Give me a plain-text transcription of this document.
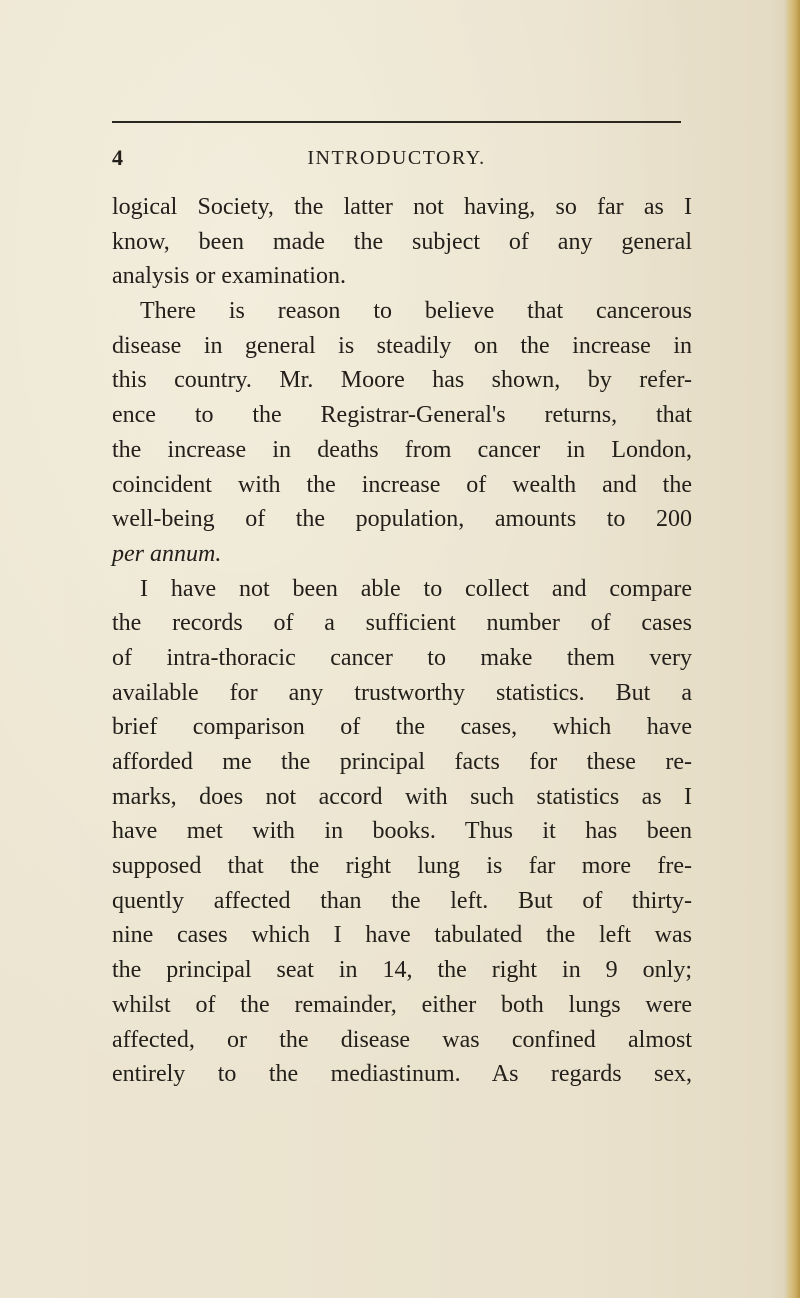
4	INTRODUCTORY.
logical Society, the latter not having, so far as I
know, been made the subject of any general
analysis or examination.
There is reason to believe that cancerous
disease in general is steadily on the increase in
this country. Mr. Moore has shown, by refer-
ence to the Registrar-General's returns, that
the increase in deaths from cancer in London,
coincident with the increase of wealth and the
well-being of the population, amounts to 200
per annum.
I have not been able to collect and compare
the records of a sufficient number of cases
of intra-thoracic cancer to make them very
available for any trustworthy statistics. But a
brief comparison of the cases, which have
afforded me the principal facts for these re-
marks, does not accord with such statistics as I
have met with in books. Thus it has been
supposed that the right lung is far more fre-
quently affected than the left. But of thirty-
nine cases which I have tabulated the left was
the principal seat in 14, the right in 9 only;
whilst of the remainder, either both lungs were
affected, or the disease was confined almost
entirely to the mediastinum. As regards sex,
